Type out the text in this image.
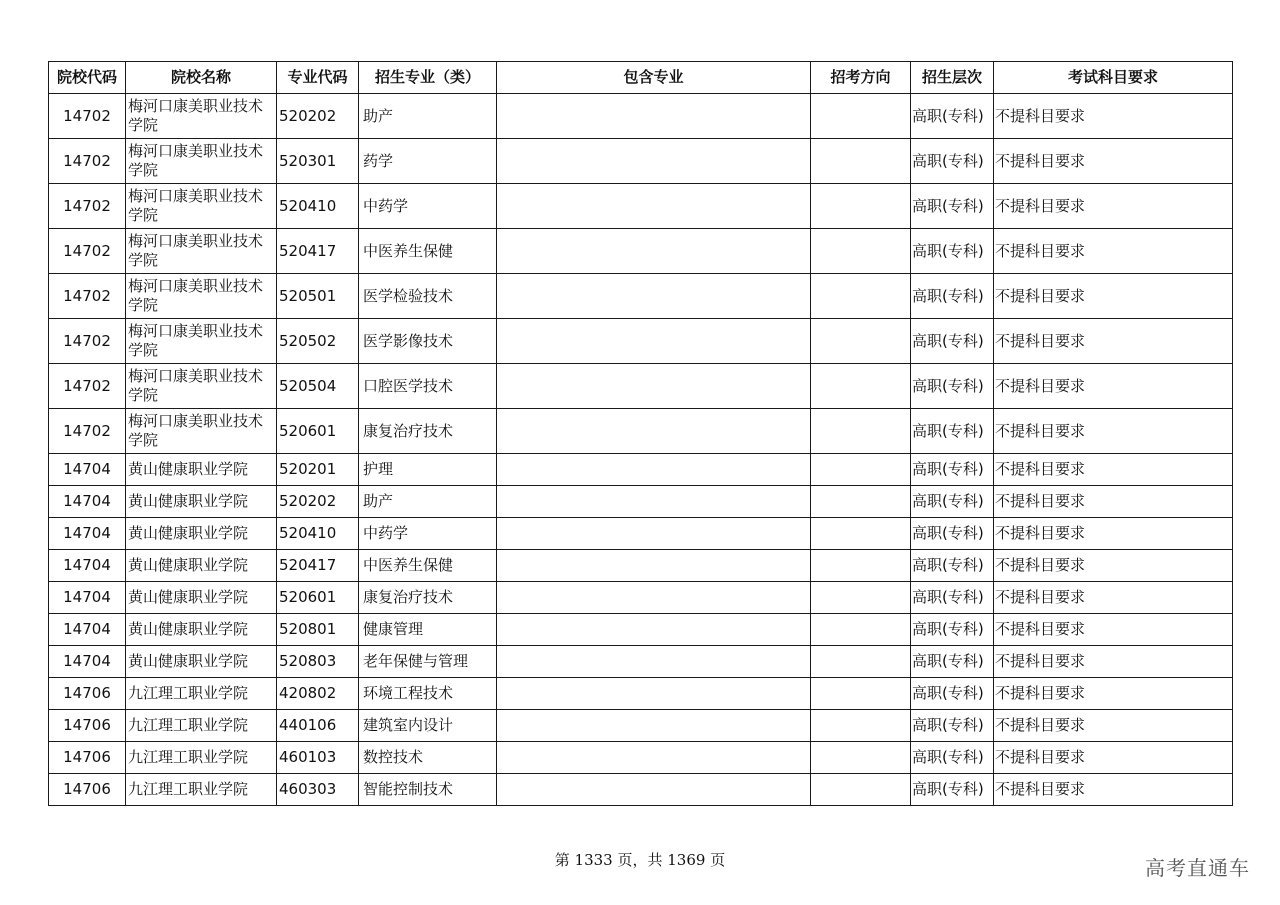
院校代码	院校名称	专业代码	招生专业（类）	包含专业	招考方向	招生层次	考试科目要求
14702	梅河口康美职业技术学院	520202	助产			高职(专科)	不提科目要求
14702	梅河口康美职业技术学院	520301	药学			高职(专科)	不提科目要求
14702	梅河口康美职业技术学院	520410	中药学			高职(专科)	不提科目要求
14702	梅河口康美职业技术学院	520417	中医养生保健			高职(专科)	不提科目要求
14702	梅河口康美职业技术学院	520501	医学检验技术			高职(专科)	不提科目要求
14702	梅河口康美职业技术学院	520502	医学影像技术			高职(专科)	不提科目要求
14702	梅河口康美职业技术学院	520504	口腔医学技术			高职(专科)	不提科目要求
14702	梅河口康美职业技术学院	520601	康复治疗技术			高职(专科)	不提科目要求
14704	黄山健康职业学院	520201	护理			高职(专科)	不提科目要求
14704	黄山健康职业学院	520202	助产			高职(专科)	不提科目要求
14704	黄山健康职业学院	520410	中药学			高职(专科)	不提科目要求
14704	黄山健康职业学院	520417	中医养生保健			高职(专科)	不提科目要求
14704	黄山健康职业学院	520601	康复治疗技术			高职(专科)	不提科目要求
14704	黄山健康职业学院	520801	健康管理			高职(专科)	不提科目要求
14704	黄山健康职业学院	520803	老年保健与管理			高职(专科)	不提科目要求
14706	九江理工职业学院	420802	环境工程技术			高职(专科)	不提科目要求
14706	九江理工职业学院	440106	建筑室内设计			高职(专科)	不提科目要求
14706	九江理工职业学院	460103	数控技术			高职(专科)	不提科目要求
14706	九江理工职业学院	460303	智能控制技术			高职(专科)	不提科目要求
第 1333 页，共 1369 页	高考直通车
